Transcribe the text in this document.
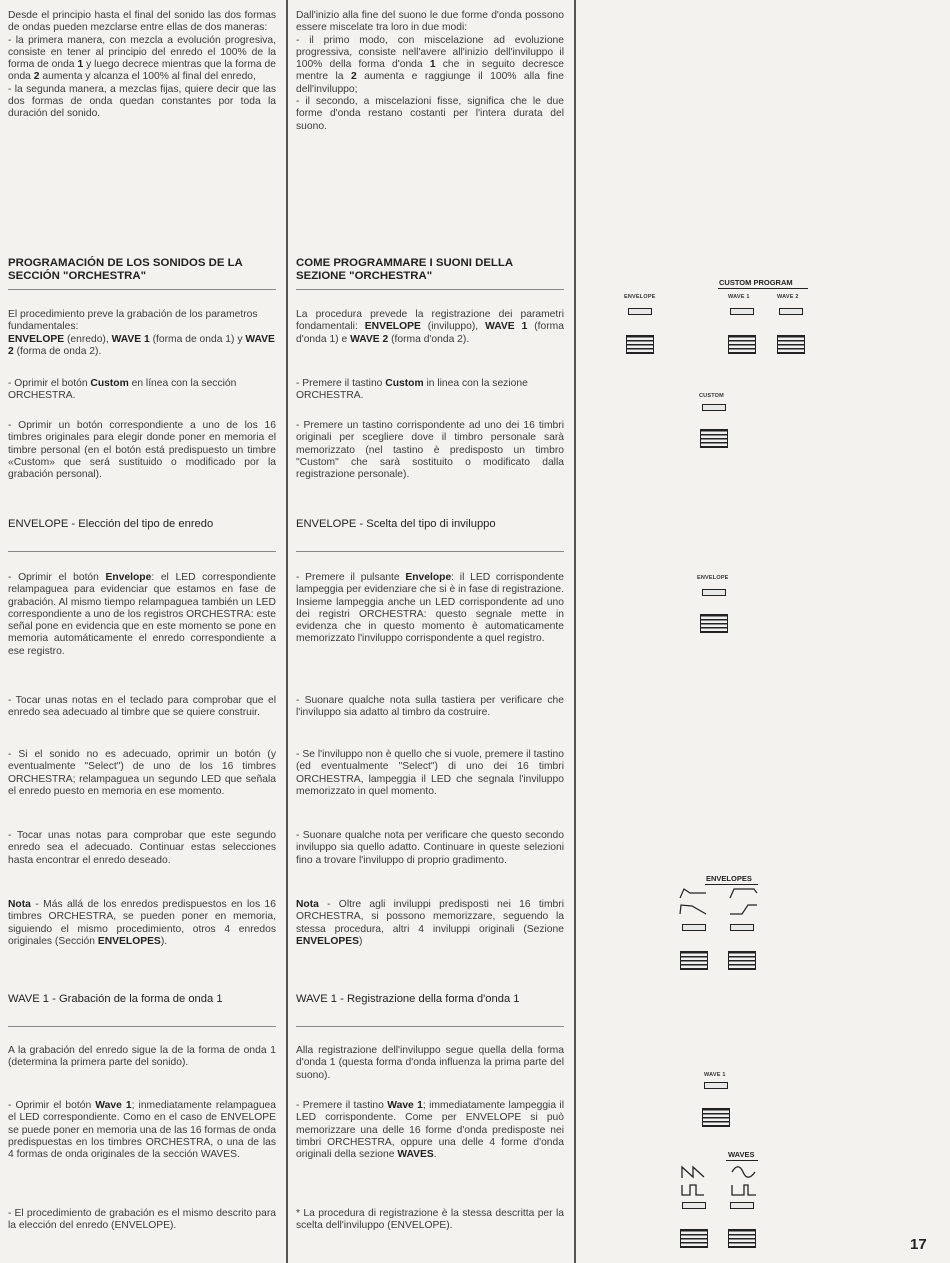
Desde el principio hasta el final del sonido las dos formas de ondas pueden mezclarse entre ellas de dos maneras:

- la primera manera, con mezcla a evolución progresiva, consiste en tener al principio del enredo el 100% de la forma de onda 1 y luego decrece mientras que la forma de onda 2 aumenta y alcanza el 100% al final del enredo,

- la segunda manera, a mezclas fijas, quiere decir que las dos formas de onda quedan constantes por toda la duración del sonido.

PROGRAMACIÓN DE LOS SONIDOS DE LA SECCIÓN "ORCHESTRA"

El procedimiento preve la grabación de los parametros fundamentales:

ENVELOPE (enredo), WAVE 1 (forma de onda 1) y WAVE 2 (forma de onda 2).

- Oprimir el botón Custom en línea con la sección ORCHESTRA.

- Oprimir un botón correspondiente a uno de los 16 timbres originales para elegir donde poner en memoria el timbre personal (en el botón está predispuesto un timbre «Custom» que será sustituido o modificado por la grabación personal).

ENVELOPE - Elección del tipo de enredo

- Oprimir el botón Envelope: el LED correspondiente relampaguea para evidenciar que estamos en fase de grabación. Al mismo tiempo relampaguea también un LED correspondiente a uno de los registros ORCHESTRA: este señal pone en evidencia que en este momento se pone en memoria automáticamente el enredo correspondiente a ese registro.

- Tocar unas notas en el teclado para comprobar que el enredo sea adecuado al timbre que se quiere construir.

- Si el sonido no es adecuado, oprimir un botón (y eventualmente "Select") de uno de los 16 timbres ORCHESTRA; relampaguea un segundo LED que señala el enredo puesto en memoria en ese momento.

- Tocar unas notas para comprobar que este segundo enredo sea el adecuado. Continuar estas selecciones hasta encontrar el enredo deseado.

Nota - Más allá de los enredos predispuestos en los 16 timbres ORCHESTRA, se pueden poner en memoria, siguiendo el mismo procedimiento, otros 4 enredos originales (Sección ENVELOPES).

WAVE 1 - Grabación de la forma de onda 1

A la grabación del enredo sigue la de la forma de onda 1 (determina la primera parte del sonido).

- Oprimir el botón Wave 1; inmediatamente relampaguea el LED correspondiente. Como en el caso de ENVELOPE se puede poner en memoria una de las 16 formas de onda predispuestas en los timbres ORCHESTRA, o una de las 4 formas de onda originales de la sección WAVES.

- El procedimiento de grabación es el mismo descrito para la elección del enredo (ENVELOPE).

Dall'inizio alla fine del suono le due forme d'onda possono essere miscelate tra loro in due modi:

- il primo modo, con miscelazione ad evoluzione progressiva, consiste nell'avere all'inizio dell'inviluppo il 100% della forma d'onda 1 che in seguito decresce mentre la 2 aumenta e raggiunge il 100% alla fine dell'inviluppo;

- il secondo, a miscelazioni fisse, significa che le due forme d'onda restano costanti per l'intera durata del suono.

COME PROGRAMMARE I SUONI DELLA SEZIONE "ORCHESTRA"

La procedura prevede la registrazione dei parametri fondamentali: ENVELOPE (inviluppo), WAVE 1 (forma d'onda 1) e WAVE 2 (forma d'onda 2).

- Premere il tastino Custom in linea con la sezione ORCHESTRA.

- Premere un tastino corrispondente ad uno dei 16 timbri originali per scegliere dove il timbro personale sarà memorizzato (nel tastino è predisposto un timbro "Custom" che sarà sostituito o modificato dalla registrazione personale).

ENVELOPE - Scelta del tipo di inviluppo

- Premere il pulsante Envelope: il LED corrispondente lampeggia per evidenziare che si è in fase di registrazione. Insieme lampeggia anche un LED corrispondente ad uno dei registri ORCHESTRA: questo segnale mette in evidenza che in questo momento è automaticamente memorizzato l'inviluppo corrispondente a quel registro.

- Suonare qualche nota sulla tastiera per verificare che l'inviluppo sia adatto al timbro da costruire.

- Se l'inviluppo non è quello che si vuole, premere il tastino (ed eventualmente "Select") di uno dei 16 timbri ORCHESTRA, lampeggia il LED che segnala l'inviluppo memorizzato in quel momento.

- Suonare qualche nota per verificare che questo secondo inviluppo sia quello adatto. Continuare in queste selezioni fino a trovare l'inviluppo di proprio gradimento.

Nota - Oltre agli inviluppi predisposti nei 16 timbri ORCHESTRA, si possono memorizzare, seguendo la stessa procedura, altri 4 inviluppi originali (Sezione ENVELOPES)

WAVE 1 - Registrazione della forma d'onda 1

Alla registrazione dell'inviluppo segue quella della forma d'onda 1 (questa forma d'onda influenza la prima parte del suono).

- Premere il tastino Wave 1; immediatamente lampeggia il LED corrispondente. Come per ENVELOPE si può memorizzare una delle 16 forme d'onda predisposte nei timbri ORCHESTRA, oppure una delle 4 forme d'onda originali della sezione WAVES.

* La procedura di registrazione è la stessa descritta per la scelta dell'inviluppo (ENVELOPE).

CUSTOM PROGRAM
ENVELOPE	WAVE 1	WAVE 2
CUSTOM
ENVELOPE
ENVELOPES
WAVE 1
WAVES
17
